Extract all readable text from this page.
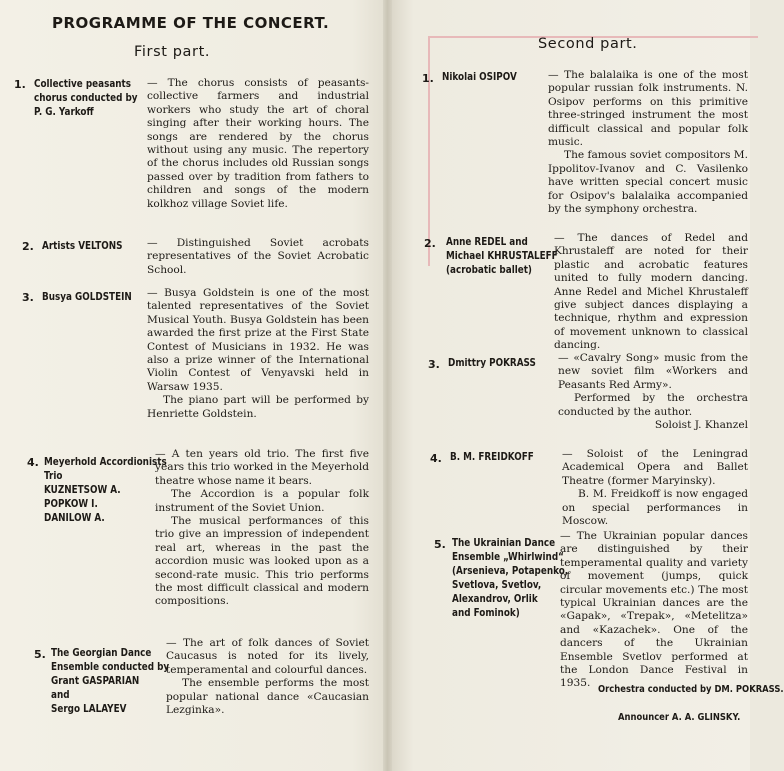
PROGRAMME OF THE CONCERT.
First part.
1. Collective peasants
chorus conducted by
P. G. Yarkoff

— The chorus consists of peasants-collective farmers and industrial workers who study the art of choral singing after their working hours. The songs are rendered by the chorus without using any music. The repertory of the chorus includes old Russian songs passed over by tradition from fathers to children and songs of the modern kolkhoz village Soviet life.

2. Artists VELTONS — Distinguished Soviet acrobats representatives of the Soviet Acrobatic School.

3. Busya GOLDSTEIN — Busya Goldstein is one of the most talented representatives of the Soviet Musical Youth. Busya Goldstein has been awarded the first prize at the First State Contest of Musicians in 1932. He was also a prize winner of the International Violin Contest of Venyavski held in Warsaw 1935.

The piano part will be performed by Henriette Goldstein.

4. Meyerhold Accordionists
Trio
KUZNETSOW A.
POPKOW I.
DANILOW A.

— A ten years old trio. The first five years this trio worked in the Meyerhold theatre whose name it bears.

The Accordion is a popular folk instrument of the Soviet Union.

The musical performances of this trio give an impression of independent real art, whereas in the past the accordion music was looked upon as a second-rate music. This trio performs the most difficult classical and modern compositions.

5. The Georgian Dance
Ensemble conducted by
Grant GASPARIAN
and
Sergo LALAYEV

— The art of folk dances of Soviet Caucasus is noted for its lively, temperamental and colourful dances.

The ensemble performs the most popular national dance «Caucasian Lezginka».

Second part.
1. Nikolai OSIPOV	— The balalaika is one of the most popular russian folk instruments. N. Osipov performs on this primitive three-stringed instrument the most difficult classical and popular folk music.

The famous soviet compositors M. Ippolitov-Ivanov and C. Vasilenko have written special concert music for Osipov's balalaika accompanied by the symphony orchestra.

2. Anne REDEL and
Michael KHRUSTALEFF
(acrobatic ballet)

— The dances of Redel and Khrustaleff are noted for their plastic and acrobatic features united to fully modern dancing. Anne Redel and Michel Khrustaleff give subject dances displaying a technique, rhythm and expression of movement unknown to classical dancing.

3. Dmittry POKRASS — «Cavalry Song» music from the new soviet film «Workers and Peasants Red Army».

Performed by the orchestra conducted by the author.

Soloist J. Khanzel

4. B. M. FREIDKOFF	— Soloist of the Leningrad Academical Opera and Ballet Theatre (former Maryinsky).

B. M. Freidkoff is now engaged on special performances in Moscow.

5. The Ukrainian Dance
Ensemble „Whirlwind“
(Arsenieva, Potapenko,
Svetlova, Svetlov,
Alexandrov, Orlik
and Fominok)

— The Ukrainian popular dances are distinguished by their temperamental quality and variety of movement (jumps, quick circular movements etc.) The most typical Ukrainian dances are the «Gapak», «Trepak», «Metelitza» and «Kazachek». One of the dancers of the Ukrainian Ensemble Svetlov performed at the London Dance Festival in 1935.

Orchestra conducted by DM. POKRASS.
Announcer A. A. GLINSKY.
